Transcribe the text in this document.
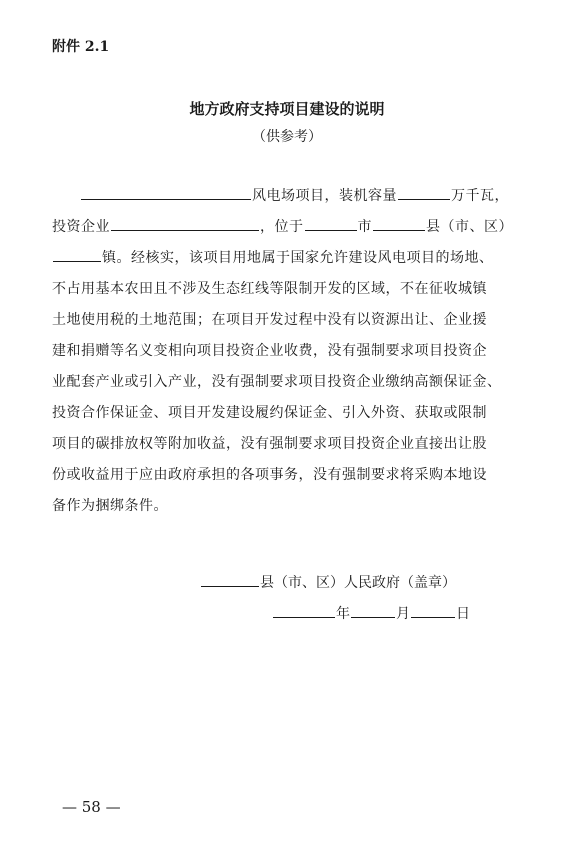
附件 2.1
地方政府支持项目建设的说明
（供参考）
风电场项目，装机容量	万千瓦，
投资企业	，位于	市	县（市、区）
镇。经核实，该项目用地属于国家允许建设风电项目的场地、
不占用基本农田且不涉及生态红线等限制开发的区域，不在征收城镇
土地使用税的土地范围；在项目开发过程中没有以资源出让、企业援
建和捐赠等名义变相向项目投资企业收费，没有强制要求项目投资企
业配套产业或引入产业，没有强制要求项目投资企业缴纳高额保证金、
投资合作保证金、项目开发建设履约保证金、引入外资、获取或限制
项目的碳排放权等附加收益，没有强制要求项目投资企业直接出让股
份或收益用于应由政府承担的各项事务，没有强制要求将采购本地设
备作为捆绑条件。
县（市、区）人民政府（盖章）
年	月	日
— 58 —
